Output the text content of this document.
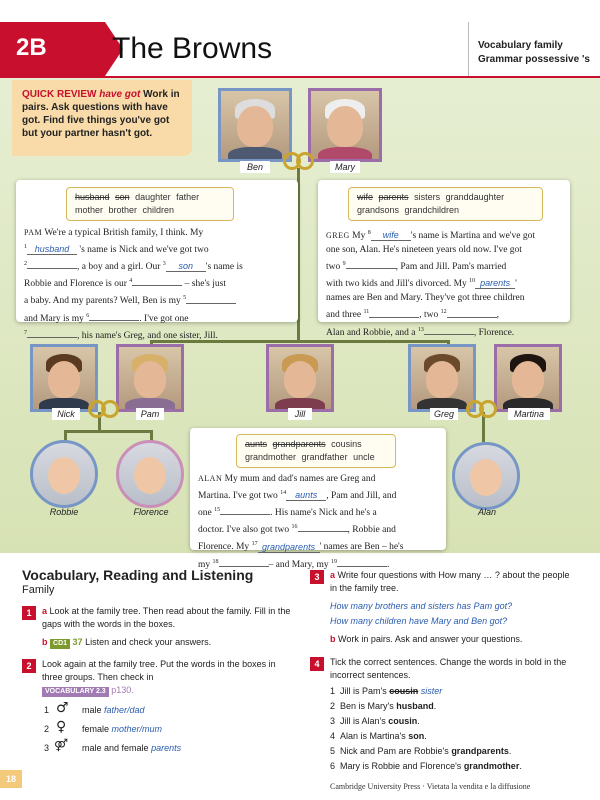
2B The Browns	Vocabulary family
Grammar possessive 's
QUICK REVIEW have got Work in pairs. Ask questions with have got. Find five things you've got but your partner hasn't got.
Ben	Mary
husband son daughter father
mother brother children
PAM We're a typical British family, I think. My
$^1$ husband 's name is Nick and we've got two
$^2$	, a boy and a girl. Our $^3$ son 's name is
Robbie and Florence is our $^4$	– she's just
a baby. And my parents? Well, Ben is my $^5$
and Mary is my $^6$	. I've got one
$^7$	, his name's Greg, and one sister, Jill.
wife parents sisters granddaughter
grandsons grandchildren
GREG My $^8$ wife 's name is Martina and we've got
one son, Alan. He's nineteen years old now. I've got
two $^9$	, Pam and Jill. Pam's married
with two kids and Jill's divorced. My $^{10}$ parents '
names are Ben and Mary. They've got three children
and three $^{11}$	, two $^{12}$	,
Alan and Robbie, and a $^{13}$	, Florence.
Nick	Pam	Jill	Greg	Martina
Robbie	Florence	Alan
aunts grandparents cousins
grandmother grandfather uncle
ALAN My mum and dad's names are Greg and
Martina. I've got two $^{14}$ aunts , Pam and Jill, and
one $^{15}$	. His name's Nick and he's a
doctor. I've also got two $^{16}$	, Robbie and
Florence. My $^{17}$ grandparents ' names are Ben – he's
my $^{18}$	– and Mary, my $^{19}$	.
Vocabulary, Reading and Listening
Family
1	a Look at the family tree. Then read about the family. Fill in the gaps with the words in the boxes.
b CD1 37 Listen and check your answers.
2	Look again at the family tree. Put the words in the boxes in three groups. Then check in
VOCABULARY 2.3 p130.
1 ♂ male father/dad
2 ♀ female mother/mum
3 ⚤ male and female parents
3	a Write four questions with How many … ? about the people in the family tree.
How many brothers and sisters has Pam got?
How many children have Mary and Ben got?
b Work in pairs. Ask and answer your questions.
4	Tick the correct sentences. Change the words in bold in the incorrect sentences.
1  Jill is Pam's cousin sister
2  Ben is Mary's husband.
3  Jill is Alan's cousin.
4  Alan is Martina's son.
5  Nick and Pam are Robbie's grandparents.
6  Mary is Robbie and Florence's grandmother.
18
Cambridge University Press · Vietata la vendita e la diffusione
